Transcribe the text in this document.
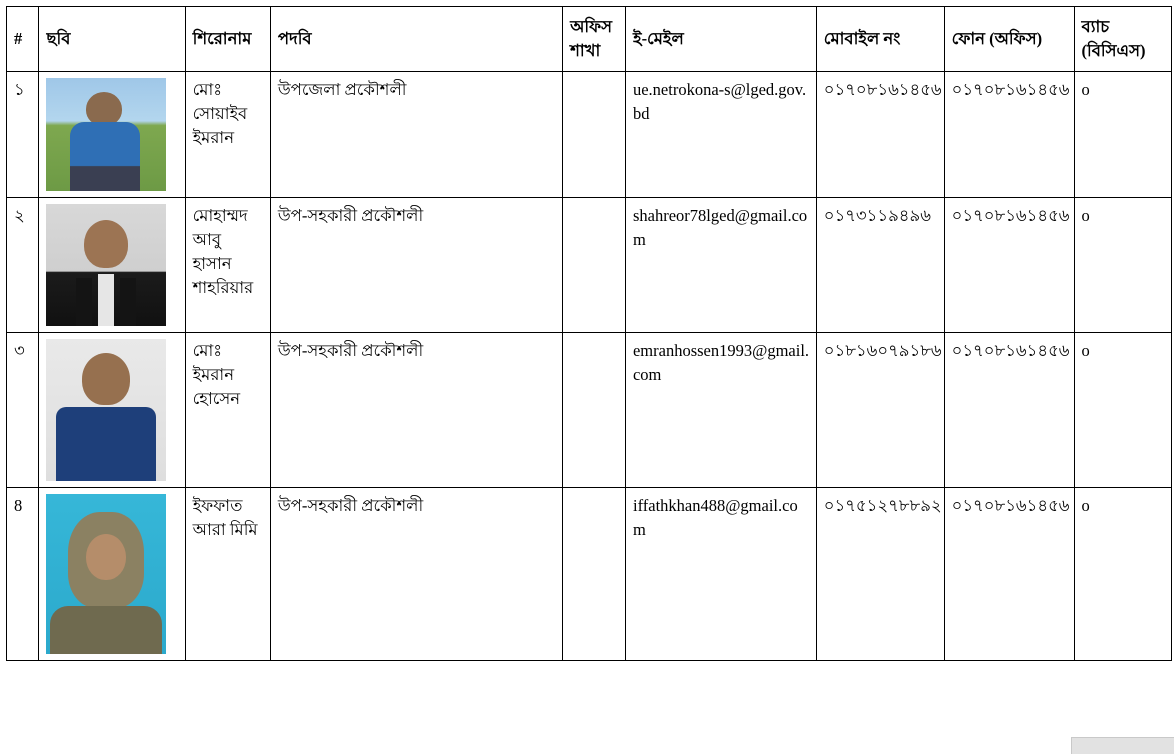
#	ছবি	শিরোনাম	পদবি	অফিস শাখা	ই-মেইল	মোবাইল নং	ফোন (অফিস)	ব্যাচ (বিসিএস)
১		মোঃ সোয়াইব ইমরান	উপজেলা প্রকৌশলী		ue.netrokona-s@lged.gov.bd	০১৭০৮১৬১৪৫৬	০১৭০৮১৬১৪৫৬	o
২		মোহাম্মদ আবু হাসান শাহরিয়ার	উপ-সহকারী প্রকৌশলী		shahreor78lged@gmail.com	০১৭৩১১৯৪৯৬	০১৭০৮১৬১৪৫৬	o
৩		মোঃ ইমরান হোসেন	উপ-সহকারী প্রকৌশলী		emranhossen1993@gmail.com	০১৮১৬০৭৯১৮৬	০১৭০৮১৬১৪৫৬	o
8		ইফফাত আরা মিমি	উপ-সহকারী প্রকৌশলী		iffathkhan488@gmail.com	০১৭৫১২৭৮৮৯২	০১৭০৮১৬১৪৫৬	o
